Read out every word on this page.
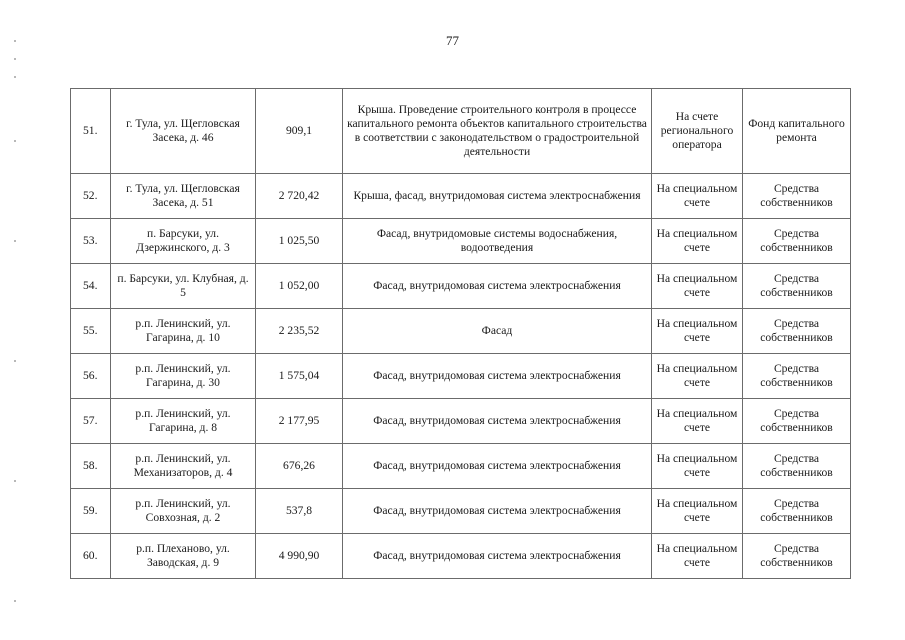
77
51.	г. Тула, ул. Щегловская Засека, д. 46	909,1	Крыша. Проведение строительного контроля в процессе капитального ремонта объектов капитального строительства в соответствии с законодательством о градостроительной деятельности	На счете регионального оператора	Фонд капитального ремонта
52.	г. Тула, ул. Щегловская Засека, д. 51	2 720,42	Крыша, фасад, внутридомовая система электроснабжения	На специальном счете	Средства собственников
53.	п. Барсуки, ул. Дзержинского, д. 3	1 025,50	Фасад, внутридомовые системы водоснабжения, водоотведения	На специальном счете	Средства собственников
54.	п. Барсуки, ул. Клубная, д. 5	1 052,00	Фасад, внутридомовая система электроснабжения	На специальном счете	Средства собственников
55.	р.п. Ленинский, ул. Гагарина, д. 10	2 235,52	Фасад	На специальном счете	Средства собственников
56.	р.п. Ленинский, ул. Гагарина, д. 30	1 575,04	Фасад, внутридомовая система электроснабжения	На специальном счете	Средства собственников
57.	р.п. Ленинский, ул. Гагарина, д. 8	2 177,95	Фасад, внутридомовая система электроснабжения	На специальном счете	Средства собственников
58.	р.п. Ленинский, ул. Механизаторов, д. 4	676,26	Фасад, внутридомовая система электроснабжения	На специальном счете	Средства собственников
59.	р.п. Ленинский, ул. Совхозная, д. 2	537,8	Фасад, внутридомовая система электроснабжения	На специальном счете	Средства собственников
60.	р.п. Плеханово, ул. Заводская, д. 9	4 990,90	Фасад, внутридомовая система электроснабжения	На специальном счете	Средства собственников
